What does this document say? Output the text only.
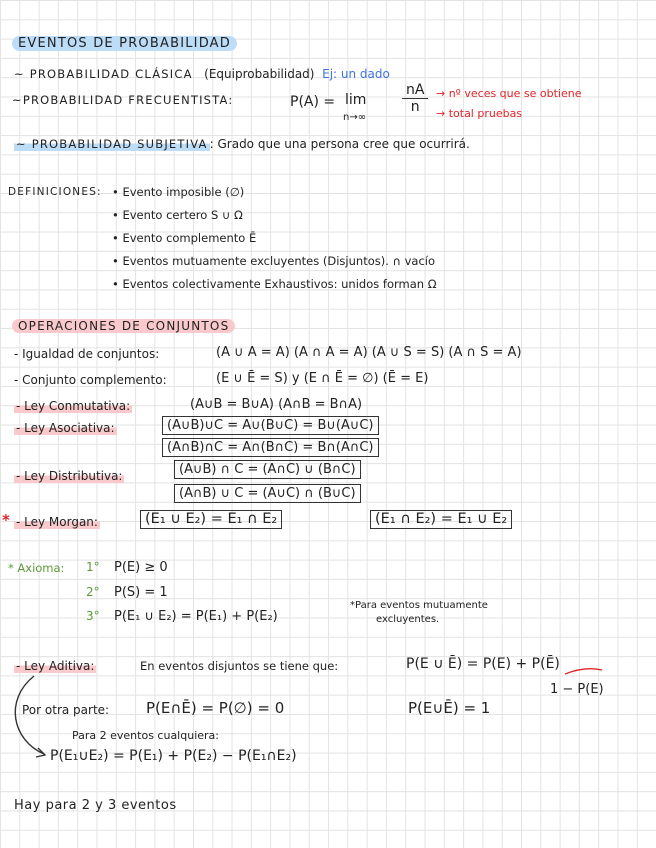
EVENTOS DE PROBABILIDAD
~ PROBABILIDAD CLÁSICA (Equiprobabilidad) Ej: un dado
~PROBABILIDAD FRECUENTISTA:	P(A) = lim
n→∞
$\frac{nA}{n}$ → nº veces que se obtiene
→ total pruebas
~ PROBABILIDAD SUBJETIVA : Grado que una persona cree que ocurrirá.
DEFINICIONES: • Evento imposible (∅)
• Evento certero S ∪ Ω
• Evento complemento Ē
• Eventos mutuamente excluyentes (Disjuntos). ∩ vacío
• Eventos colectivamente Exhaustivos: unidos forman Ω
OPERACIONES DE CONJUNTOS
- Igualdad de conjuntos:	(A ∪ A = A) (A ∩ A = A) (A ∪ S = S) (A ∩ S = A)
- Conjunto complemento:	(E ∪ Ē = S) y (E ∩ Ē = ∅) (Ē̄ = E)
- Ley Conmutativa:	(A∪B = B∪A) (A∩B = B∩A)
- Ley Asociativa:	(A∪B)∪C = A∪(B∪C) = B∪(A∪C)
(A∩B)∩C = A∩(B∩C) = B∩(A∩C)
- Ley Distributiva:	(A∪B) ∩ C = (A∩C) ∪ (B∩C)
(A∩B) ∪ C = (A∪C) ∩ (B∪C)
* - Ley Morgan:	(E₁ ∪ E₂) = E₁ ∩ E₂	(E₁ ∩ E₂) = E₁ ∪ E₂
* Axioma: 1° P(E) ≥ 0
2° P(S) = 1
3° P(E₁ ∪ E₂) = P(E₁) + P(E₂)
*Para eventos mutuamente
excluyentes.
- Ley Aditiva:	En eventos disjuntos se tiene que:	P(E ∪ Ē) = P(E) + P(Ē)
1 − P(E)
Por otra parte: P(E∩Ē) = P(∅) = 0	P(E∪Ē) = 1
Para 2 eventos cualquiera:
P(E₁∪E₂) = P(E₁) + P(E₂) − P(E₁∩E₂)
Hay para 2 y 3 eventos
